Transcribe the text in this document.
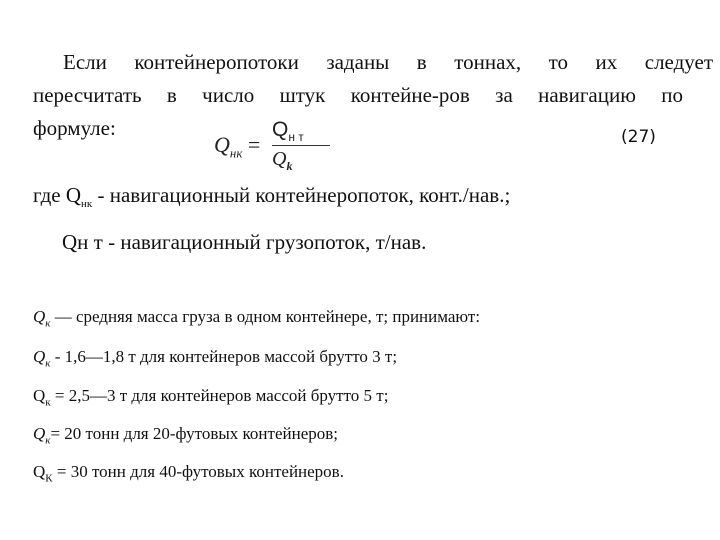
Если контейнеропотоки заданы в тоннах, то их следует
пересчитать в число штук контейне-ров за навигацию по
формуле:
$Q_{нк}$ =
$Q_{н т}$
$Q_k$
(27)
где $Q_{нк}$ - навигационный контейнеропоток, конт./нав.;
Qн т - навигационный грузопоток, т/нав.
$Q_к$ — средняя масса груза в одном контейнере, т; принимают:
$Q_к$ - 1,6—1,8 т для контейнеров массой брутто 3 т;
$Q_к$ = 2,5—3 т для контейнеров массой брутто 5 т;
$Q_к= 20$ тонн для 20-футовых контейнеров;
$Q_К = 30$ тонн для 40-футовых контейнеров.
